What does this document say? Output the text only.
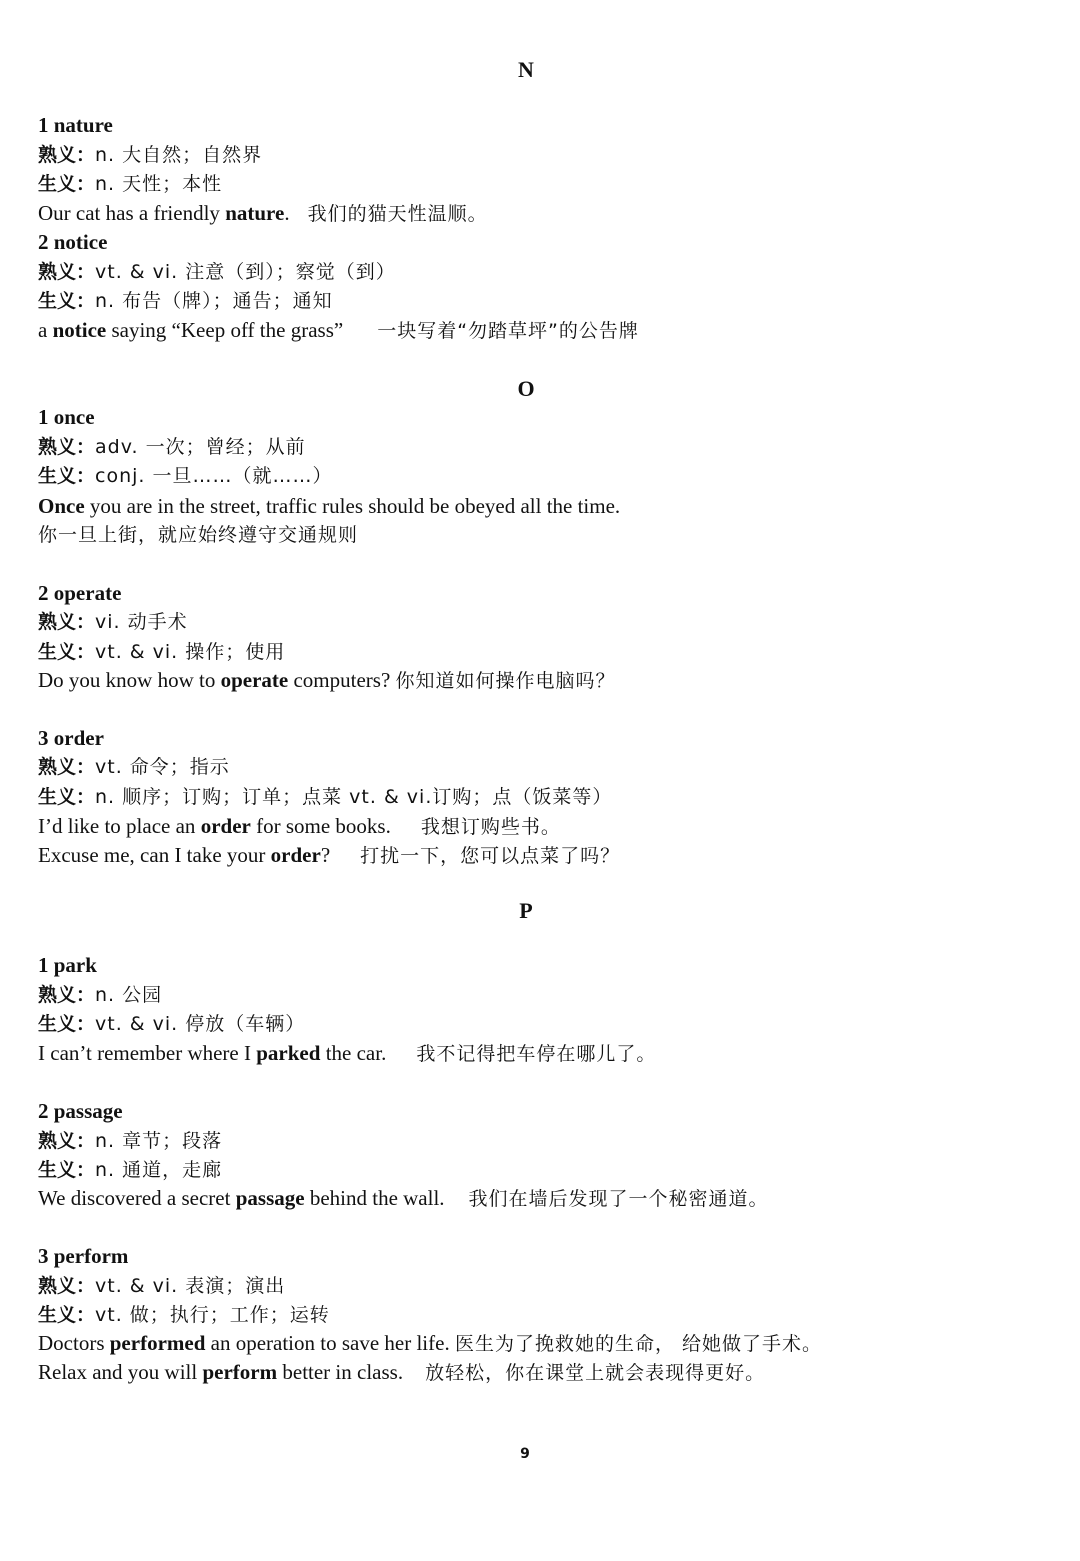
N
1 nature
熟义：n. 大自然；自然界
生义：n. 天性；本性
Our cat has a friendly nature. 我们的猫天性温顺。
2 notice
熟义：vt. & vi. 注意（到）；察觉（到）
生义：n. 布告（牌）；通告；通知
a notice saying “Keep off the grass” 一块写着“勿踏草坪”的公告牌
O
1 once
熟义：adv. 一次；曾经；从前
生义：conj. 一旦……（就……）
Once you are in the street, traffic rules should be obeyed all the time.
你一旦上街，就应始终遵守交通规则
2 operate
熟义：vi. 动手术
生义：vt. & vi. 操作；使用
Do you know how to operate computers? 你知道如何操作电脑吗？
3 order
熟义：vt. 命令；指示
生义：n. 顺序；订购；订单；点菜 vt. & vi.订购；点（饭菜等）
I’d like to place an order for some books. 我想订购些书。
Excuse me, can I take your order? 打扰一下，您可以点菜了吗？
P
1 park
熟义：n. 公园
生义：vt. & vi. 停放（车辆）
I can’t remember where I parked the car. 我不记得把车停在哪儿了。
2 passage
熟义：n. 章节；段落
生义：n. 通道，走廊
We discovered a secret passage behind the wall. 我们在墙后发现了一个秘密通道。
3 perform
熟义：vt. & vi. 表演；演出
生义：vt. 做；执行；工作；运转
Doctors performed an operation to save her life. 医生为了挽救她的生命， 给她做了手术。
Relax and you will perform better in class. 放轻松，你在课堂上就会表现得更好。
9
